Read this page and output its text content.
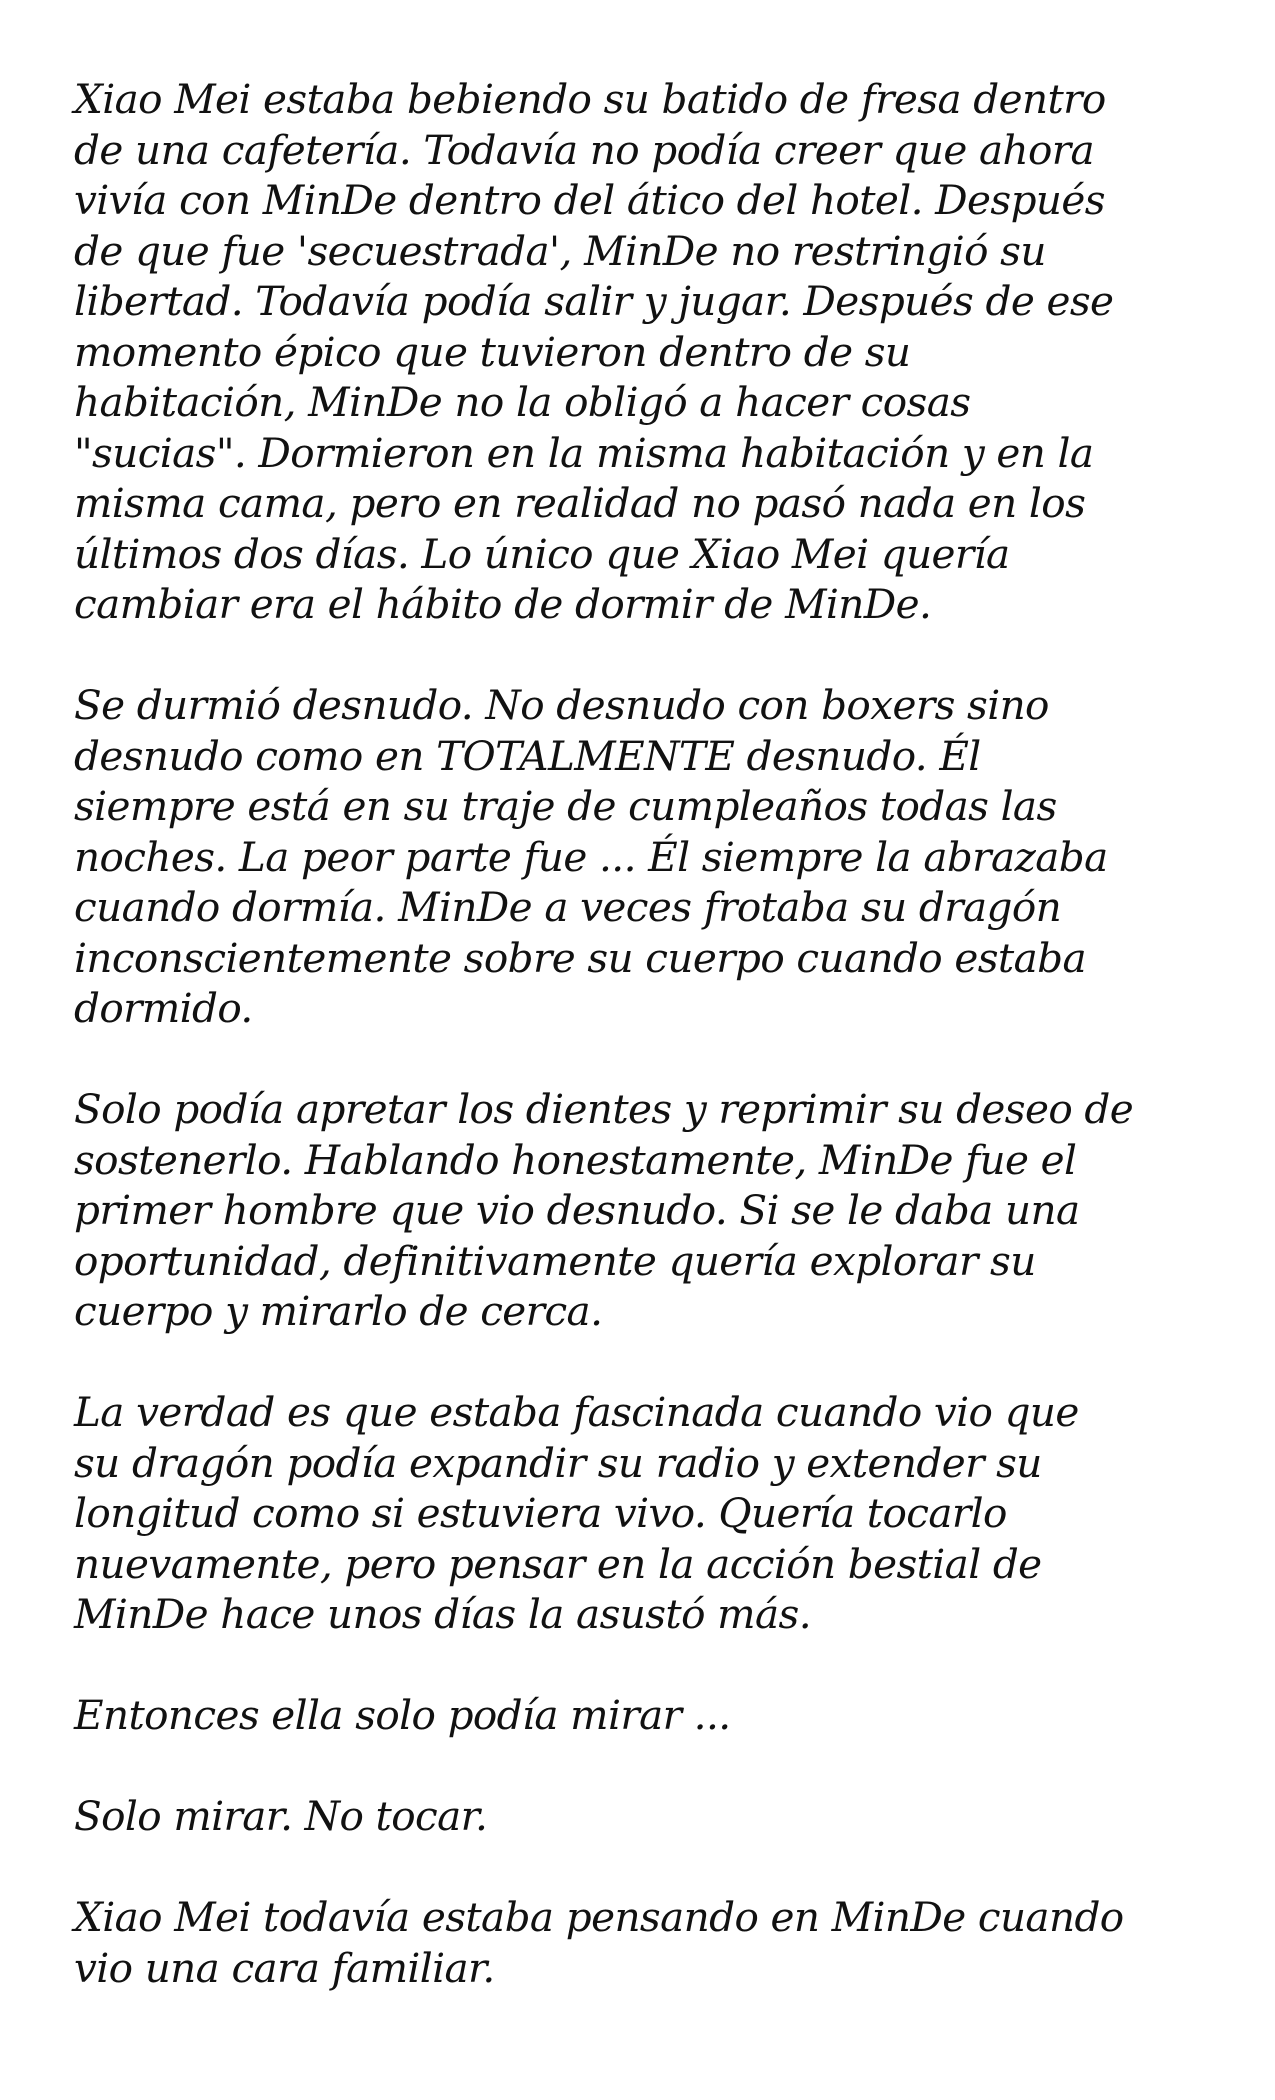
Xiao Mei estaba bebiendo su batido de fresa dentro
de una cafetería. Todavía no podía creer que ahora
vivía con MinDe dentro del ático del hotel. Después
de que fue 'secuestrada', MinDe no restringió su
libertad. Todavía podía salir y jugar. Después de ese
momento épico que tuvieron dentro de su
habitación, MinDe no la obligó a hacer cosas
"sucias". Dormieron en la misma habitación y en la
misma cama, pero en realidad no pasó nada en los
últimos dos días. Lo único que Xiao Mei quería
cambiar era el hábito de dormir de MinDe.

Se durmió desnudo. No desnudo con boxers sino
desnudo como en TOTALMENTE desnudo. Él
siempre está en su traje de cumpleaños todas las
noches. La peor parte fue ... Él siempre la abrazaba
cuando dormía. MinDe a veces frotaba su dragón
inconscientemente sobre su cuerpo cuando estaba
dormido.

Solo podía apretar los dientes y reprimir su deseo de
sostenerlo. Hablando honestamente, MinDe fue el
primer hombre que vio desnudo. Si se le daba una
oportunidad, definitivamente quería explorar su
cuerpo y mirarlo de cerca.

La verdad es que estaba fascinada cuando vio que
su dragón podía expandir su radio y extender su
longitud como si estuviera vivo. Quería tocarlo
nuevamente, pero pensar en la acción bestial de
MinDe hace unos días la asustó más.

Entonces ella solo podía mirar ...

Solo mirar. No tocar.

Xiao Mei todavía estaba pensando en MinDe cuando
vio una cara familiar.
